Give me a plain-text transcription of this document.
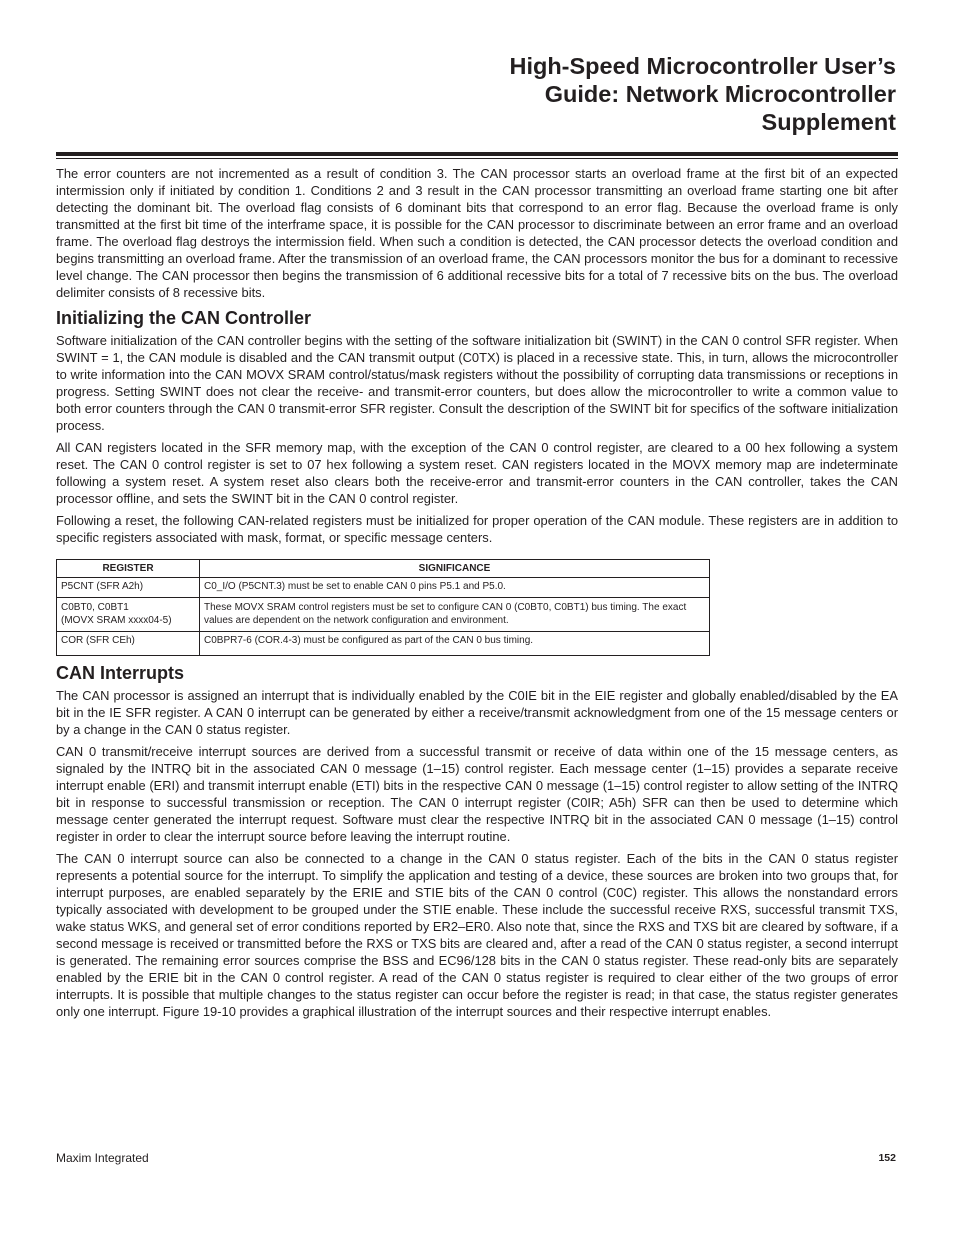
High-Speed Microcontroller User’s
Guide: Network Microcontroller
Supplement

The error counters are not incremented as a result of condition 3. The CAN processor starts an overload frame at the first bit of an expected intermission only if initiated by condition 1. Conditions 2 and 3 result in the CAN processor transmitting an overload frame starting one bit after detecting the dominant bit. The overload flag consists of 6 dominant bits that correspond to an error flag. Because the overload frame is only transmitted at the first bit time of the interframe space, it is possible for the CAN processor to discriminate between an error frame and an overload frame. The overload flag destroys the intermission field. When such a condition is detected, the CAN processor detects the overload condition and begins transmitting an overload frame. After the transmission of an overload frame, the CAN processors monitor the bus for a dominant to recessive level change. The CAN processor then begins the transmission of 6 additional recessive bits for a total of 7 recessive bits on the bus. The overload delimiter consists of 8 recessive bits.

Initializing the CAN Controller

Software initialization of the CAN controller begins with the setting of the software initialization bit (SWINT) in the CAN 0 control SFR register. When SWINT = 1, the CAN module is disabled and the CAN transmit output (C0TX) is placed in a recessive state. This, in turn, allows the microcontroller to write information into the CAN MOVX SRAM control/status/mask registers without the possibility of corrupting data transmissions or receptions in progress. Setting SWINT does not clear the receive- and transmit-error counters, but does allow the microcontroller to write a common value to both error counters through the CAN 0 transmit-error SFR register. Consult the description of the SWINT bit for specifics of the software initialization process.

All CAN registers located in the SFR memory map, with the exception of the CAN 0 control register, are cleared to a 00 hex following a system reset. The CAN 0 control register is set to 07 hex following a system reset. CAN registers located in the MOVX memory map are indeterminate following a system reset. A system reset also clears both the receive-error and transmit-error counters in the CAN controller, takes the CAN processor offline, and sets the SWINT bit in the CAN 0 control register.

Following a reset, the following CAN-related registers must be initialized for proper operation of the CAN module. These registers are in addition to specific registers associated with mask, format, or specific message centers.

REGISTER	SIGNIFICANCE
P5CNT (SFR A2h)	C0_I/O (P5CNT.3) must be set to enable CAN 0 pins P5.1 and P5.0.
C0BT0, C0BT1
(MOVX SRAM xxxx04-5)	These MOVX SRAM control registers must be set to configure CAN 0 (C0BT0, C0BT1) bus timing. The exact values are dependent on the network configuration and environment.
COR (SFR CEh)	C0BPR7-6 (COR.4-3) must be configured as part of the CAN 0 bus timing.
CAN Interrupts

The CAN processor is assigned an interrupt that is individually enabled by the C0IE bit in the EIE register and globally enabled/disabled by the EA bit in the IE SFR register. A CAN 0 interrupt can be generated by either a receive/transmit acknowledgment from one of the 15 message centers or by a change in the CAN 0 status register.

CAN 0 transmit/receive interrupt sources are derived from a successful transmit or receive of data within one of the 15 message centers, as signaled by the INTRQ bit in the associated CAN 0 message (1–15) control register. Each message center (1–15) provides a separate receive interrupt enable (ERI) and transmit interrupt enable (ETI) bits in the respective CAN 0 message (1–15) control register to allow setting of the INTRQ bit in response to successful transmission or reception. The CAN 0 interrupt register (C0IR; A5h) SFR can then be used to determine which message center generated the interrupt request. Software must clear the respective INTRQ bit in the associated CAN 0 message (1–15) control register in order to clear the interrupt source before leaving the interrupt routine.

The CAN 0 interrupt source can also be connected to a change in the CAN 0 status register. Each of the bits in the CAN 0 status register represents a potential source for the interrupt. To simplify the application and testing of a device, these sources are broken into two groups that, for interrupt purposes, are enabled separately by the ERIE and STIE bits of the CAN 0 control (C0C) register. This allows the nonstandard errors typically associated with development to be grouped under the STIE enable. These include the successful receive RXS, successful transmit TXS, wake status WKS, and general set of error conditions reported by ER2–ER0. Also note that, since the RXS and TXS bit are cleared by software, if a second message is received or transmitted before the RXS or TXS bits are cleared and, after a read of the CAN 0 status register, a second interrupt is generated. The remaining error sources comprise the BSS and EC96/128 bits in the CAN 0 status register. These read-only bits are separately enabled by the ERIE bit in the CAN 0 control register. A read of the CAN 0 status register is required to clear either of the two groups of error interrupts. It is possible that multiple changes to the status register can occur before the register is read; in that case, the status register generates only one interrupt. Figure 19-10 provides a graphical illustration of the interrupt sources and their respective interrupt enables.

Maxim Integrated	152
